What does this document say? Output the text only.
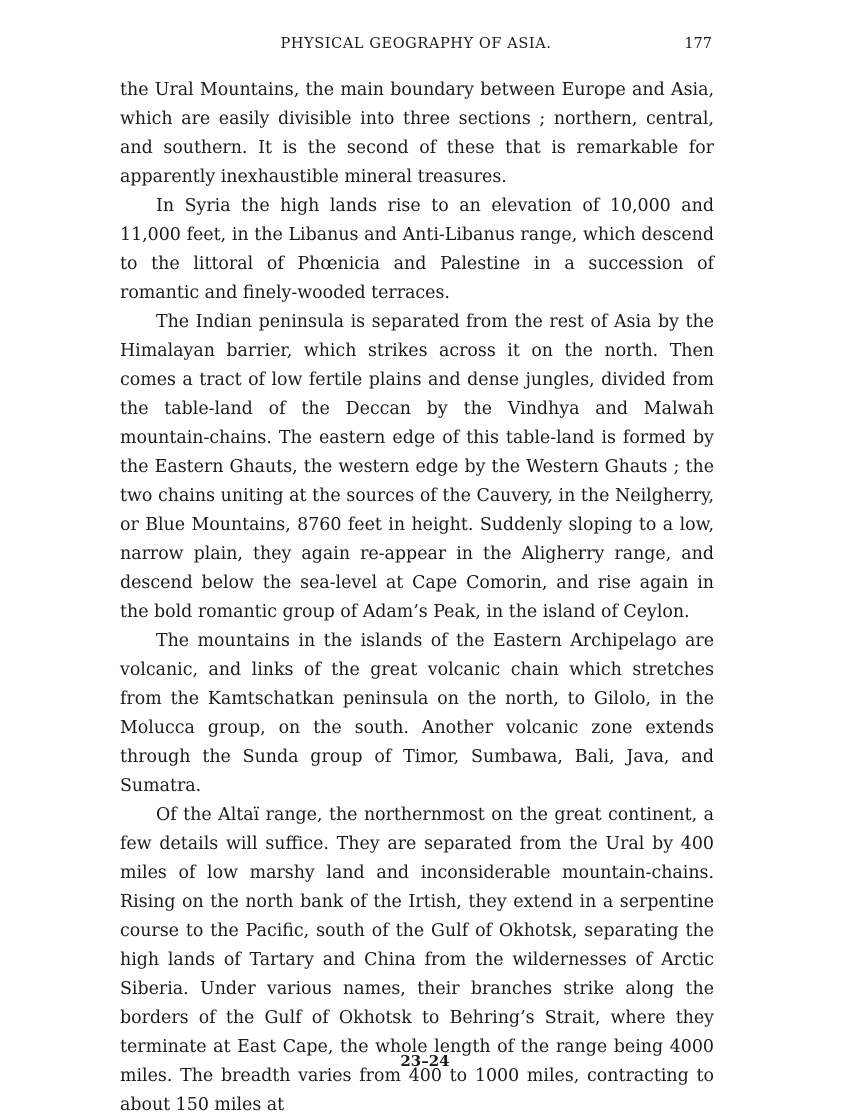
PHYSICAL GEOGRAPHY OF ASIA.	177

the Ural Mountains, the main boundary between Europe and Asia, which are easily divisible into three sections ; northern, central, and southern. It is the second of these that is remarkable for apparently inexhaustible mineral treasures.

In Syria the high lands rise to an elevation of 10,000 and 11,000 feet, in the Libanus and Anti-Libanus range, which descend to the littoral of Phœnicia and Palestine in a succession of romantic and finely-wooded terraces.

The Indian peninsula is separated from the rest of Asia by the Himalayan barrier, which strikes across it on the north. Then comes a tract of low fertile plains and dense jungles, divided from the table-land of the Deccan by the Vindhya and Malwah mountain-chains. The eastern edge of this table-land is formed by the Eastern Ghauts, the western edge by the Western Ghauts ; the two chains uniting at the sources of the Cauvery, in the Neilgherry, or Blue Mountains, 8760 feet in height. Suddenly sloping to a low, narrow plain, they again re-appear in the Aligherry range, and descend below the sea-level at Cape Comorin, and rise again in the bold romantic group of Adam’s Peak, in the island of Ceylon.

The mountains in the islands of the Eastern Archipelago are volcanic, and links of the great volcanic chain which stretches from the Kamtschatkan peninsula on the north, to Gilolo, in the Molucca group, on the south. Another volcanic zone extends through the Sunda group of Timor, Sumbawa, Bali, Java, and Sumatra.

Of the Altaï range, the northernmost on the great continent, a few details will suffice. They are separated from the Ural by 400 miles of low marshy land and inconsiderable mountain-chains. Rising on the north bank of the Irtish, they extend in a serpentine course to the Pacific, south of the Gulf of Okhotsk, separating the high lands of Tartary and China from the wildernesses of Arctic Siberia. Under various names, their branches strike along the borders of the Gulf of Okhotsk to Behring’s Strait, where they terminate at East Cape, the whole length of the range being 4000 miles. The breadth varies from 400 to 1000 miles, contracting to about 150 miles at

23–24
